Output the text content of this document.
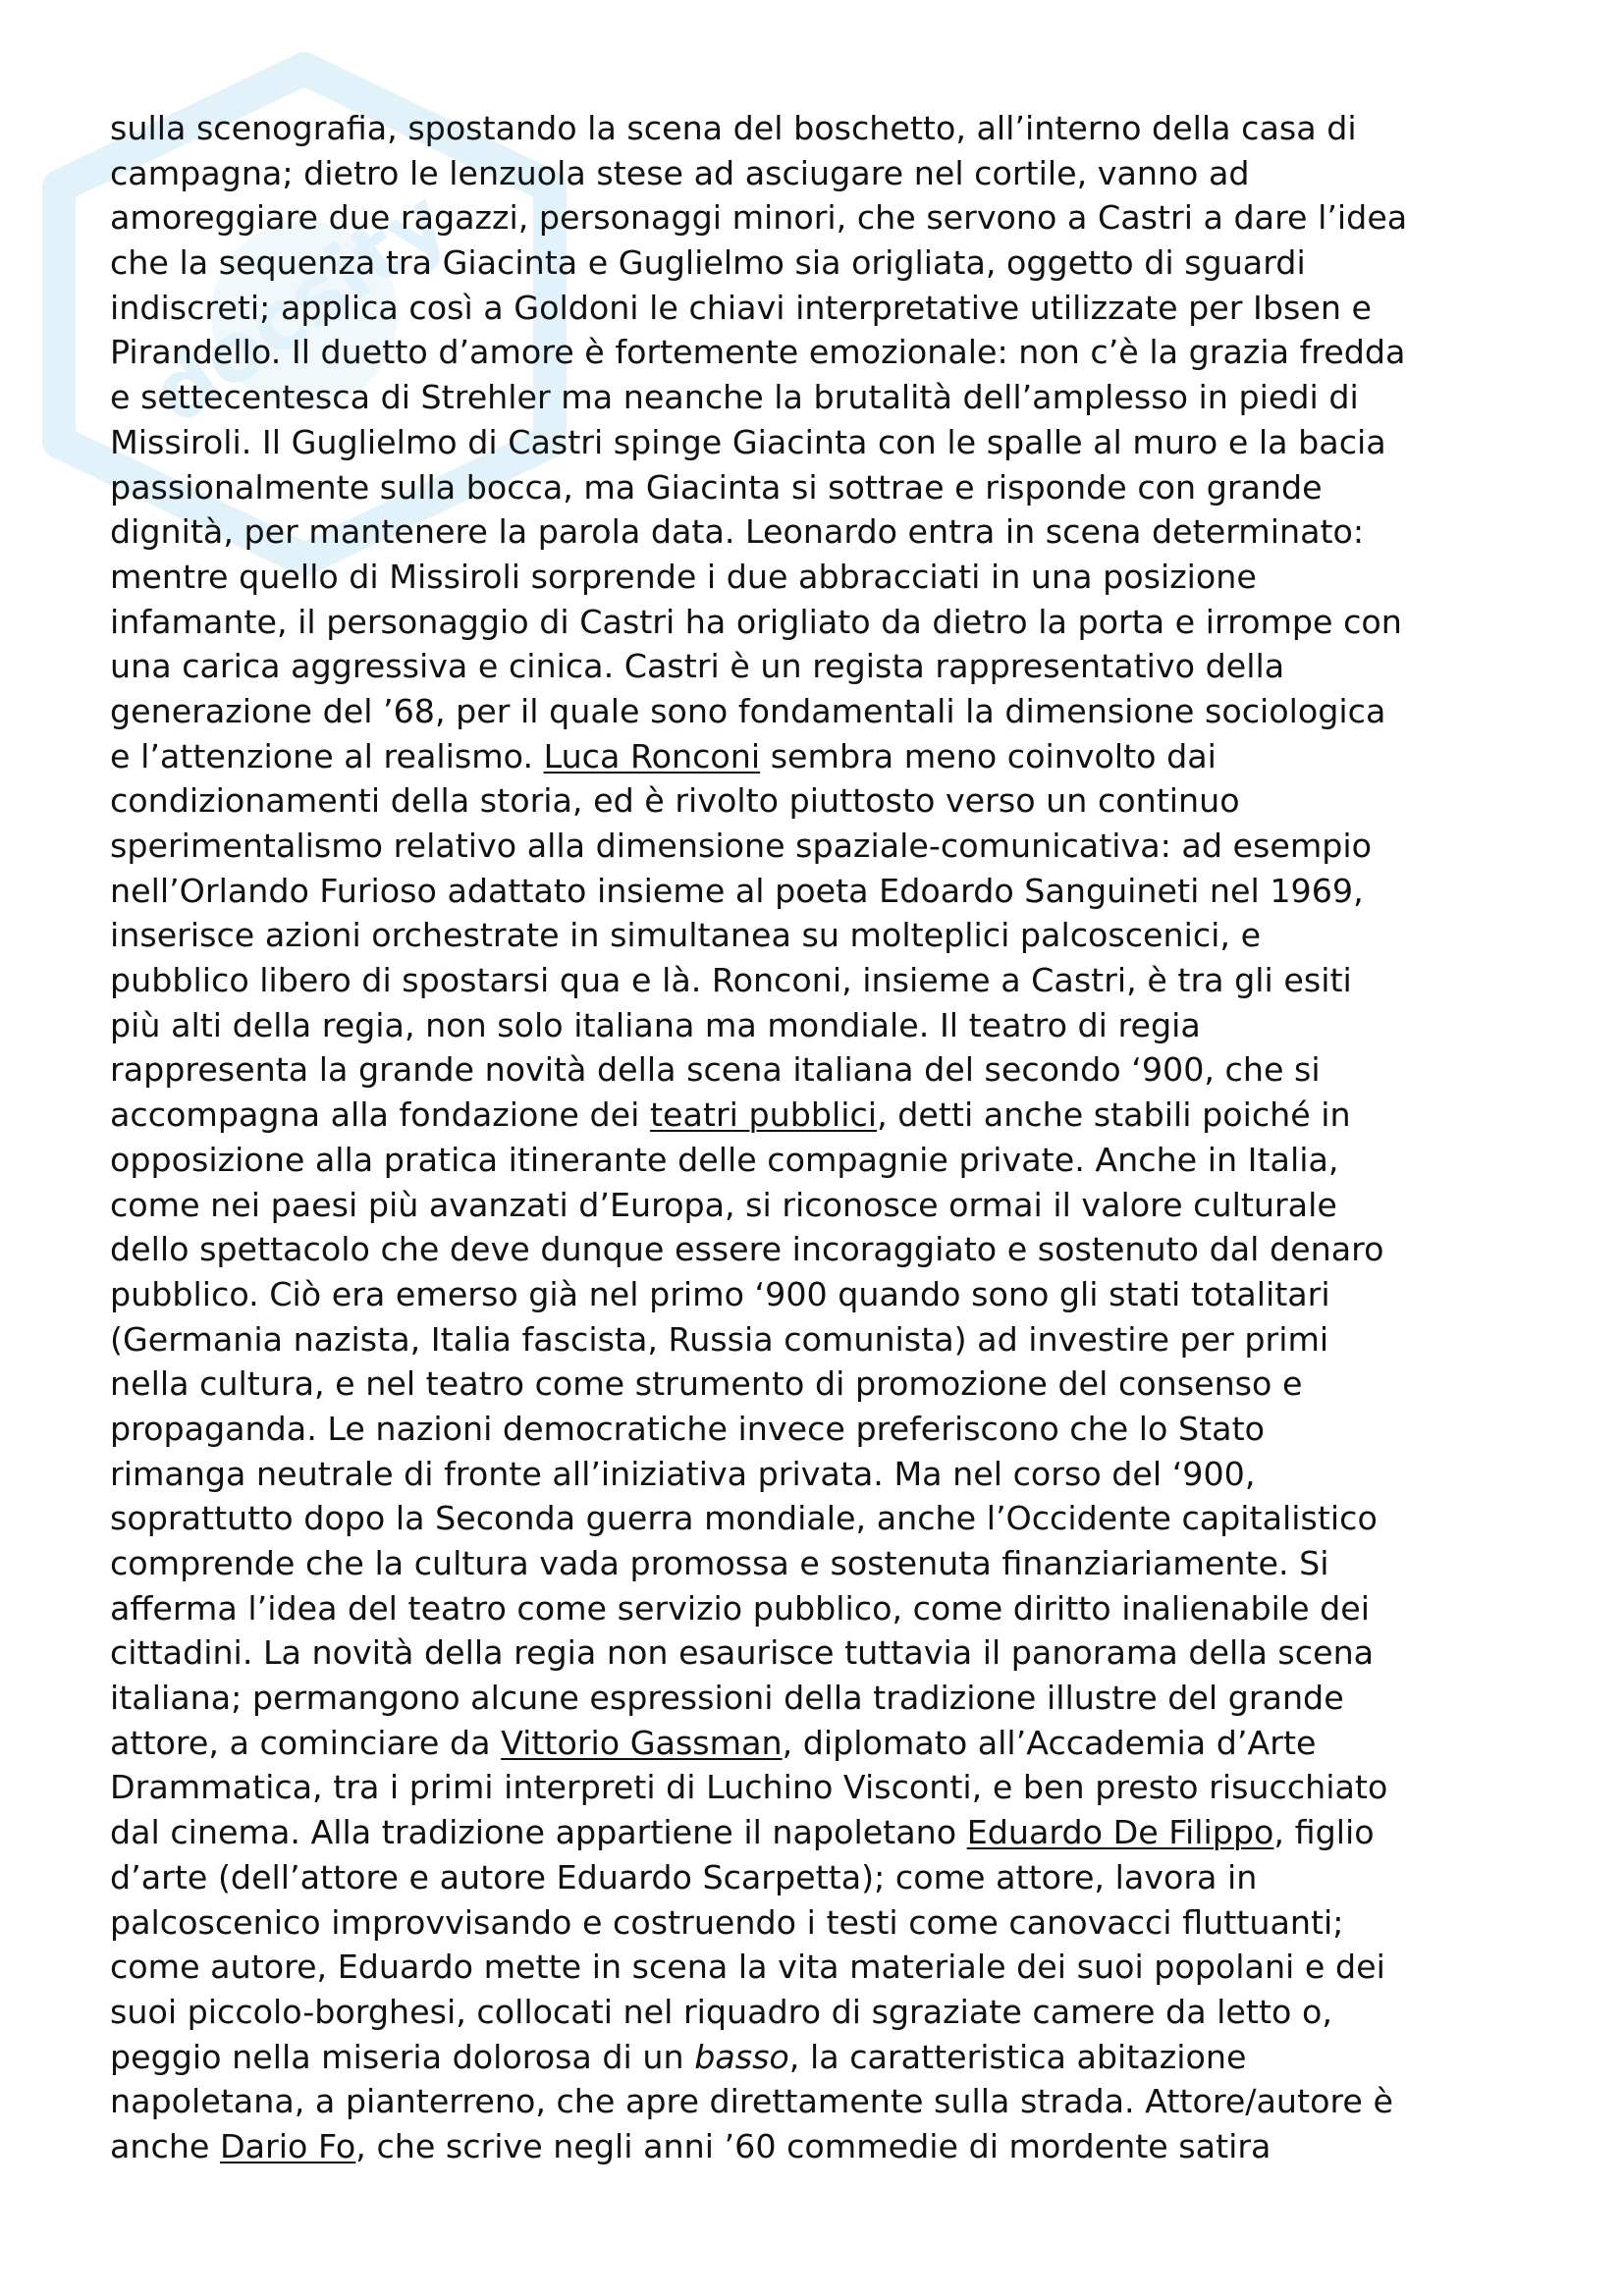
docsity
sulla scenografia, spostando la scena del boschetto, all’interno della casa di
campagna; dietro le lenzuola stese ad asciugare nel cortile, vanno ad
amoreggiare due ragazzi, personaggi minori, che servono a Castri a dare l’idea
che la sequenza tra Giacinta e Guglielmo sia origliata, oggetto di sguardi
indiscreti; applica così a Goldoni le chiavi interpretative utilizzate per Ibsen e
Pirandello. Il duetto d’amore è fortemente emozionale: non c’è la grazia fredda
e settecentesca di Strehler ma neanche la brutalità dell’amplesso in piedi di
Missiroli. Il Guglielmo di Castri spinge Giacinta con le spalle al muro e la bacia
passionalmente sulla bocca, ma Giacinta si sottrae e risponde con grande
dignità, per mantenere la parola data. Leonardo entra in scena determinato:
mentre quello di Missiroli sorprende i due abbracciati in una posizione
infamante, il personaggio di Castri ha origliato da dietro la porta e irrompe con
una carica aggressiva e cinica. Castri è un regista rappresentativo della
generazione del ’68, per il quale sono fondamentali la dimensione sociologica
e l’attenzione al realismo. Luca Ronconi sembra meno coinvolto dai
condizionamenti della storia, ed è rivolto piuttosto verso un continuo
sperimentalismo relativo alla dimensione spaziale-comunicativa: ad esempio
nell’Orlando Furioso adattato insieme al poeta Edoardo Sanguineti nel 1969,
inserisce azioni orchestrate in simultanea su molteplici palcoscenici, e
pubblico libero di spostarsi qua e là. Ronconi, insieme a Castri, è tra gli esiti
più alti della regia, non solo italiana ma mondiale. Il teatro di regia
rappresenta la grande novità della scena italiana del secondo ‘900, che si
accompagna alla fondazione dei teatri pubblici, detti anche stabili poiché in
opposizione alla pratica itinerante delle compagnie private. Anche in Italia,
come nei paesi più avanzati d’Europa, si riconosce ormai il valore culturale
dello spettacolo che deve dunque essere incoraggiato e sostenuto dal denaro
pubblico. Ciò era emerso già nel primo ‘900 quando sono gli stati totalitari
(Germania nazista, Italia fascista, Russia comunista) ad investire per primi
nella cultura, e nel teatro come strumento di promozione del consenso e
propaganda. Le nazioni democratiche invece preferiscono che lo Stato
rimanga neutrale di fronte all’iniziativa privata. Ma nel corso del ‘900,
soprattutto dopo la Seconda guerra mondiale, anche l’Occidente capitalistico
comprende che la cultura vada promossa e sostenuta finanziariamente. Si
afferma l’idea del teatro come servizio pubblico, come diritto inalienabile dei
cittadini. La novità della regia non esaurisce tuttavia il panorama della scena
italiana; permangono alcune espressioni della tradizione illustre del grande
attore, a cominciare da Vittorio Gassman, diplomato all’Accademia d’Arte
Drammatica, tra i primi interpreti di Luchino Visconti, e ben presto risucchiato
dal cinema. Alla tradizione appartiene il napoletano Eduardo De Filippo, figlio
d’arte (dell’attore e autore Eduardo Scarpetta); come attore, lavora in
palcoscenico improvvisando e costruendo i testi come canovacci fluttuanti;
come autore, Eduardo mette in scena la vita materiale dei suoi popolani e dei
suoi piccolo-borghesi, collocati nel riquadro di sgraziate camere da letto o,
peggio nella miseria dolorosa di un basso, la caratteristica abitazione
napoletana, a pianterreno, che apre direttamente sulla strada. Attore/autore è
anche Dario Fo, che scrive negli anni ’60 commedie di mordente satira
